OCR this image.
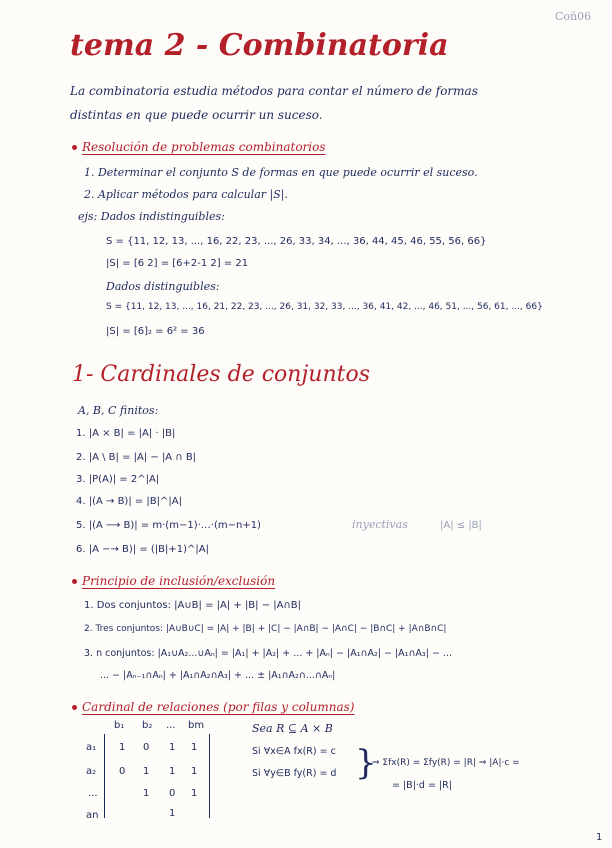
Coñ06
tema 2 - Combinatoria
La combinatoria estudia métodos para contar el número de formas
distintas en que puede ocurrir un suceso.
Resolución de problemas combinatorios
1. Determinar el conjunto S de formas en que puede ocurrir el suceso.
2. Aplicar métodos para calcular |S|.
ejs: Dados indistinguibles:
S = {11, 12, 13, ..., 16, 22, 23, ..., 26, 33, 34, ..., 36, 44, 45, 46, 55, 56, 66}
|S| = [6 2] = [6+2-1 2] = 21
Dados distinguibles:
S = {11, 12, 13, ..., 16, 21, 22, 23, ..., 26, 31, 32, 33, ..., 36, 41, 42, ..., 46, 51, ..., 56, 61, ..., 66}
|S| = [6]₂ = 6² = 36
1- Cardinales de conjuntos
A, B, C finitos:
1. |A × B| = |A| · |B|
2. |A \ B| = |A| − |A ∩ B|
3. |P(A)| = 2^|A|
4. |(A → B)| = |B|^|A|
5. |(A ⟶ B)| = m·(m−1)·…·(m−n+1)	inyectivas	|A| ≤ |B|
6. |A −→ B)| = (|B|+1)^|A|
Principio de inclusión/exclusión
1. Dos conjuntos: |A∪B| = |A| + |B| − |A∩B|
2. Tres conjuntos: |A∪B∪C| = |A| + |B| + |C| − |A∩B| − |A∩C| − |B∩C| + |A∩B∩C|
3. n conjuntos: |A₁∪A₂...∪Aₙ| = |A₁| + |A₂| + ... + |Aₙ| − |A₁∩A₂| − |A₁∩A₃| − ...
... − |Aₙ₋₁∩Aₙ| + |A₁∩A₂∩A₃| + ... ± |A₁∩A₂∩...∩Aₙ|
Cardinal de relaciones (por filas y columnas)
b₁ b₂ ... bm
a₁
a₂
...
an
1 0 1 1
0 1 1 1
1 0 1
1
Sea R ⊆ A × B
Si ∀x∈A fx(R) = c
Si ∀y∈B fy(R) = d }
⇒ Σfx(R) = Σfy(R) = |R| ⇒ |A|·c =
= |B|·d = |R|
1
